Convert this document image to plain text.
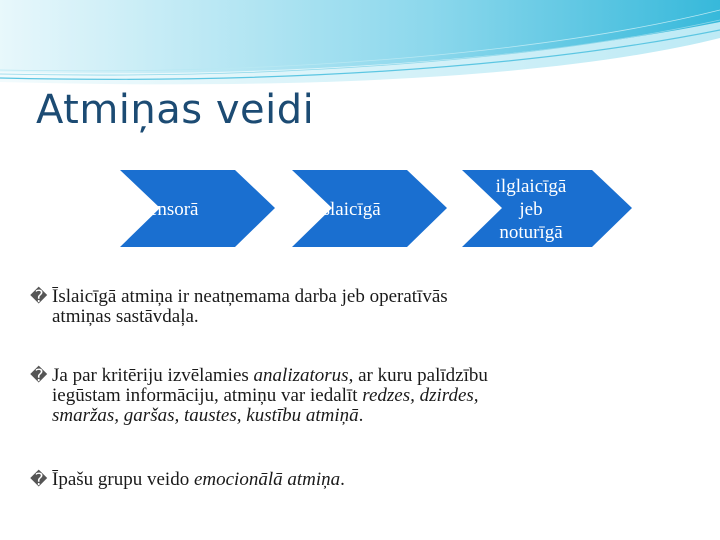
Atmiņas veidi
sensorā	īslaicīgā
ilglaicīgā
jeb
noturīgā
� Īslaicīgā atmiņa ir neatņemama darba jeb operatīvās
atmiņas sastāvdaļa.
� Ja par kritēriju izvēlamies analizatorus, ar kuru palīdzību
iegūstam informāciju, atmiņu var iedalīt redzes, dzirdes,
smaržas, garšas, taustes, kustību atmiņā.
� Īpašu grupu veido emocionālā atmiņa.
